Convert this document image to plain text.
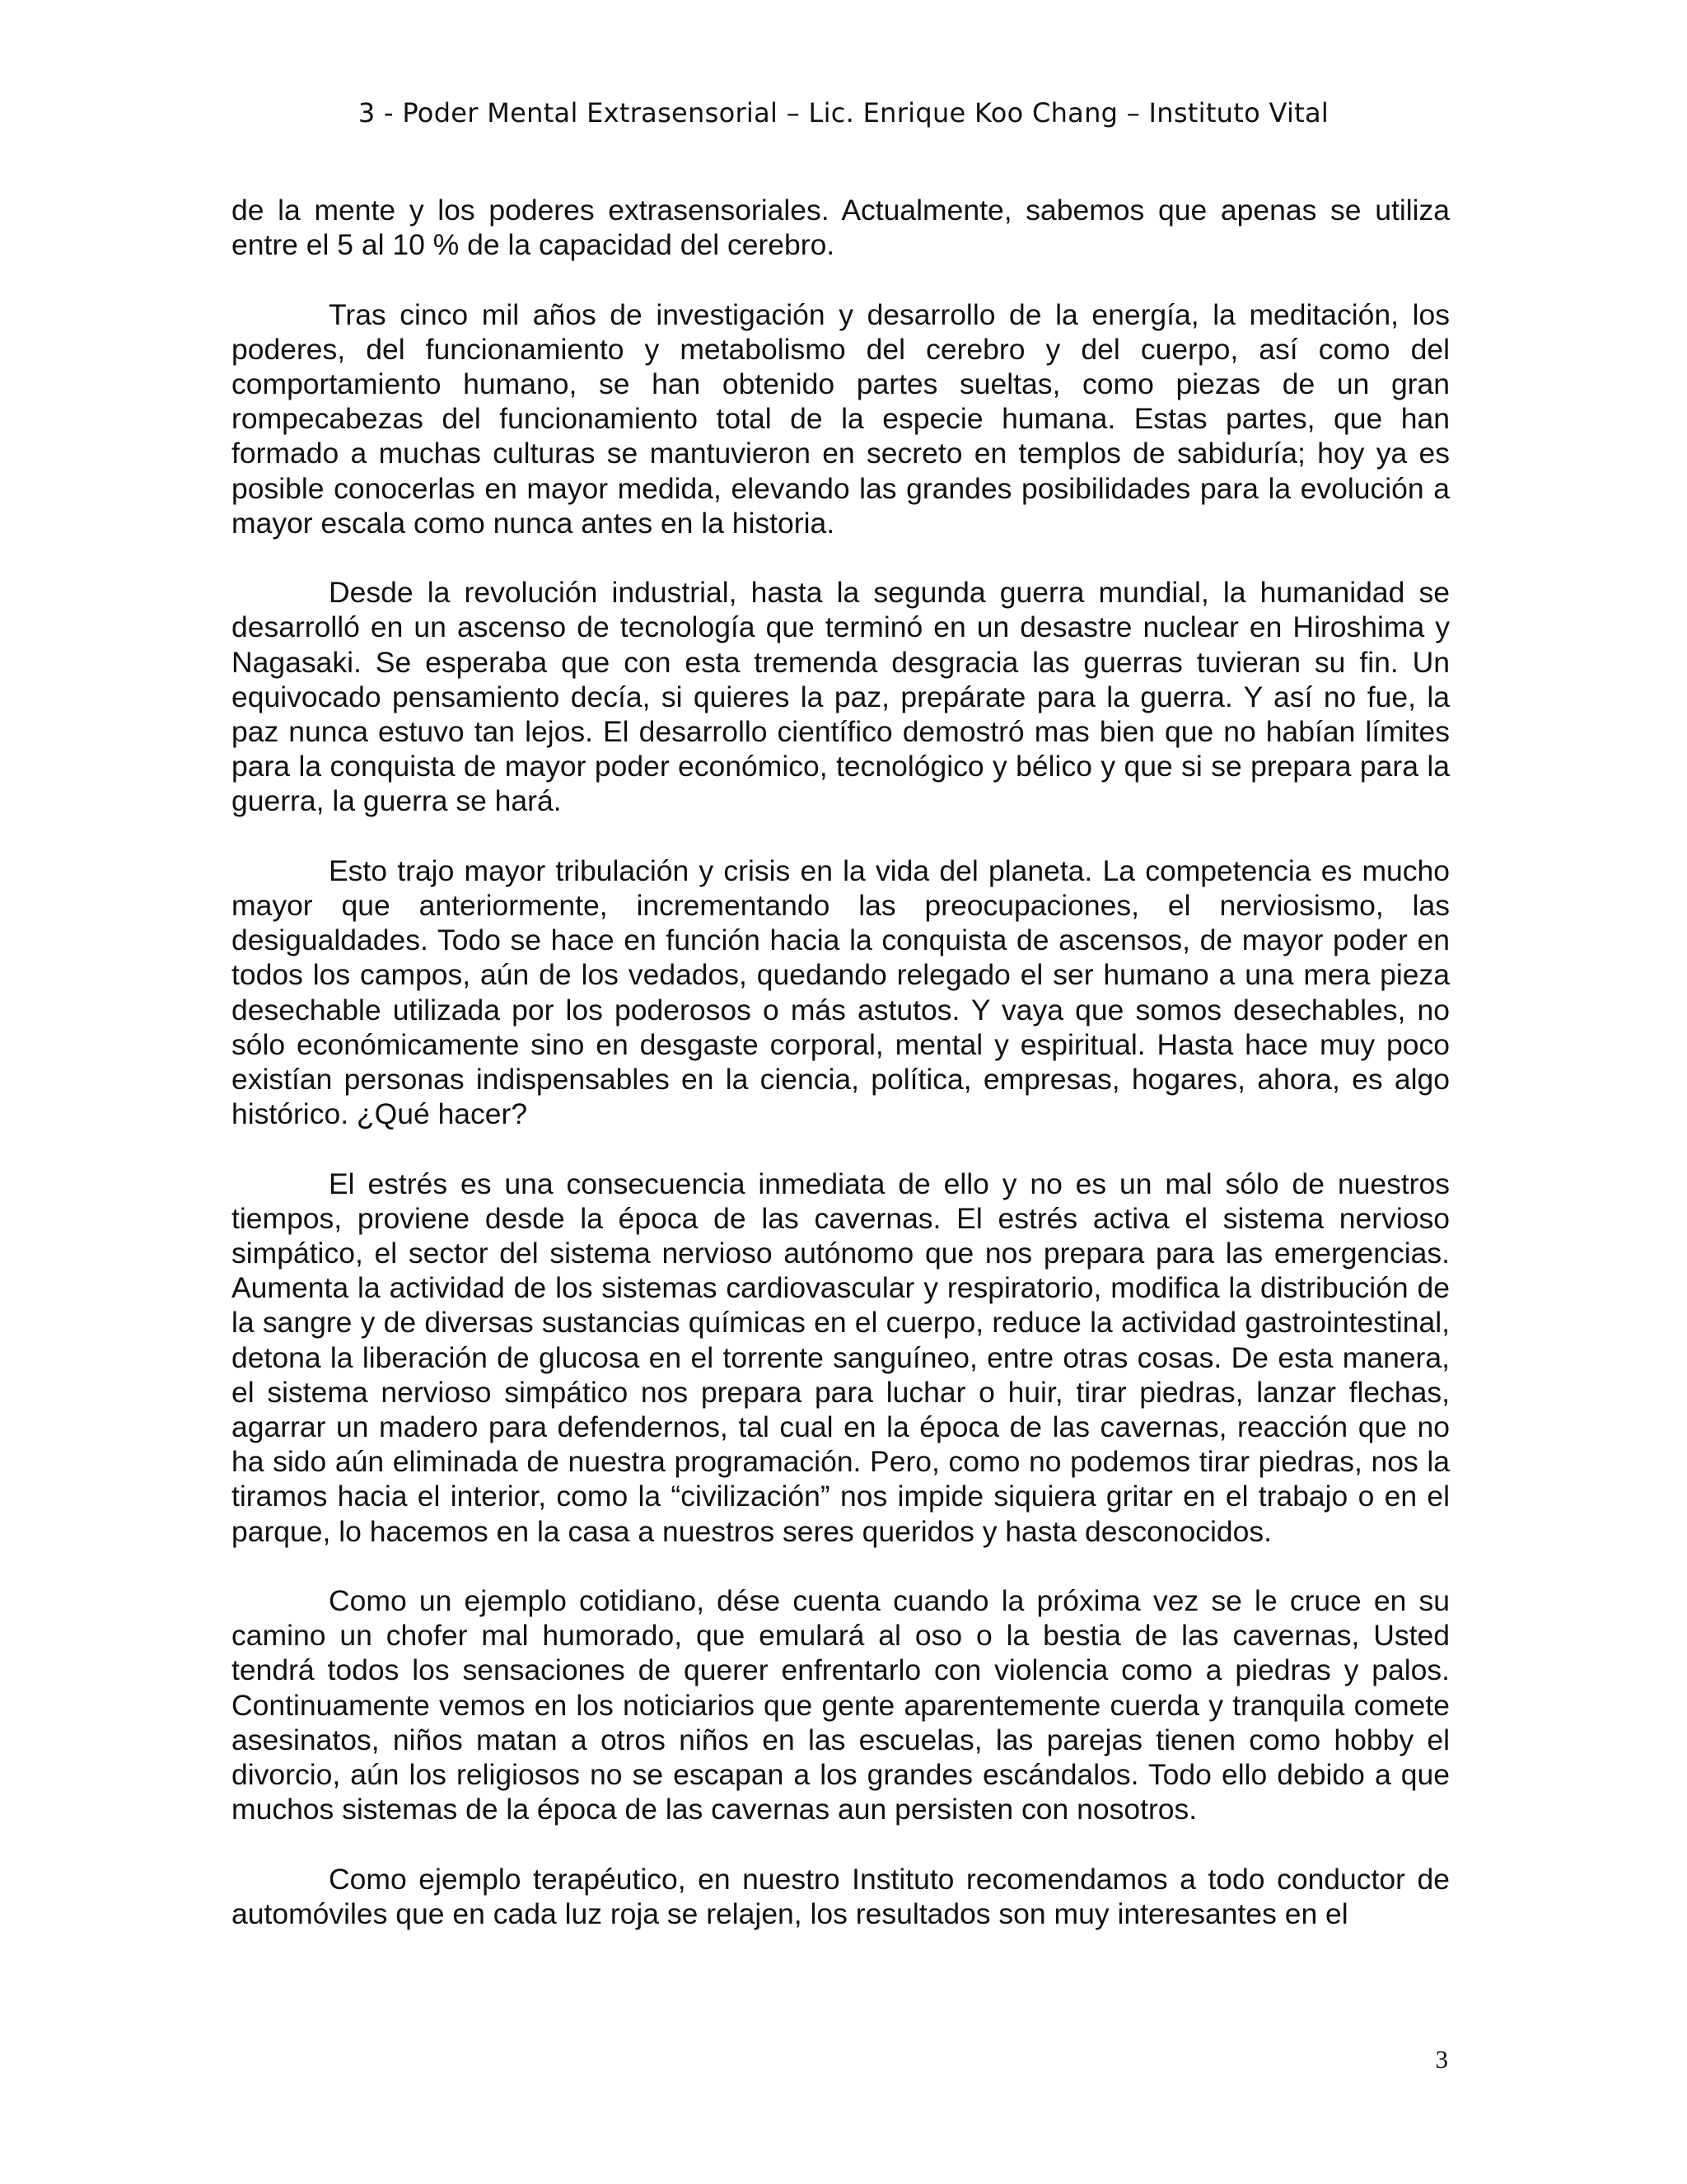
3 - Poder Mental Extrasensorial – Lic. Enrique Koo Chang – Instituto Vital

de la mente y los poderes extrasensoriales. Actualmente, sabemos que apenas se utiliza entre el 5 al 10 % de la capacidad del cerebro.

Tras cinco mil años de investigación y desarrollo de la energía, la meditación, los poderes, del funcionamiento y metabolismo del cerebro y del cuerpo, así como del comportamiento humano, se han obtenido partes sueltas, como piezas de un gran rompecabezas del funcionamiento total de la especie humana. Estas partes, que han formado a muchas culturas se mantuvieron en secreto en templos de sabiduría; hoy ya es posible conocerlas en mayor medida, elevando las grandes posibilidades para la evolución a mayor escala como nunca antes en la historia.

Desde la revolución industrial, hasta la segunda guerra mundial, la humanidad se desarrolló en un ascenso de tecnología que terminó en un desastre nuclear en Hiroshima y Nagasaki. Se esperaba que con esta tremenda desgracia las guerras tuvieran su fin. Un equivocado pensamiento decía, si quieres la paz, prepárate para la guerra. Y así no fue, la paz nunca estuvo tan lejos. El desarrollo científico demostró mas bien que no habían límites para la conquista de mayor poder económico, tecnológico y bélico y que si se prepara para la guerra, la guerra se hará.

Esto trajo mayor tribulación y crisis en la vida del planeta. La competencia es mucho mayor que anteriormente, incrementando las preocupaciones, el nerviosismo, las desigualdades. Todo se hace en función hacia la conquista de ascensos, de mayor poder en todos los campos, aún de los vedados, quedando relegado el ser humano a una mera pieza desechable utilizada por los poderosos o más astutos. Y vaya que somos desechables, no sólo económicamente sino en desgaste corporal, mental y espiritual. Hasta hace muy poco existían personas indispensables en la ciencia, política, empresas, hogares, ahora, es algo histórico. ¿Qué hacer?

El estrés es una consecuencia inmediata de ello y no es un mal sólo de nuestros tiempos, proviene desde la época de las cavernas. El estrés activa el sistema nervioso simpático, el sector del sistema nervioso autónomo que nos prepara para las emergencias. Aumenta la actividad de los sistemas cardiovascular y respiratorio, modifica la distribución de la sangre y de diversas sustancias químicas en el cuerpo, reduce la actividad gastrointestinal, detona la liberación de glucosa en el torrente sanguíneo, entre otras cosas. De esta manera, el sistema nervioso simpático nos prepara para luchar o huir, tirar piedras, lanzar flechas, agarrar un madero para defendernos, tal cual en la época de las cavernas, reacción que no ha sido aún eliminada de nuestra programación. Pero, como no podemos tirar piedras, nos la tiramos hacia el interior, como la “civilización” nos impide siquiera gritar en el trabajo o en el parque, lo hacemos en la casa a nuestros seres queridos y hasta desconocidos.

Como un ejemplo cotidiano, dése cuenta cuando la próxima vez se le cruce en su camino un chofer mal humorado, que emulará al oso o la bestia de las cavernas, Usted tendrá todos los sensaciones de querer enfrentarlo con violencia como a piedras y palos. Continuamente vemos en los noticiarios que gente aparentemente cuerda y tranquila comete asesinatos, niños matan a otros niños en las escuelas, las parejas tienen como hobby el divorcio, aún los religiosos no se escapan a los grandes escándalos. Todo ello debido a que muchos sistemas de la época de las cavernas aun persisten con nosotros.

Como ejemplo terapéutico, en nuestro Instituto recomendamos a todo conductor de automóviles que en cada luz roja se relajen, los resultados son muy interesantes en el

3
